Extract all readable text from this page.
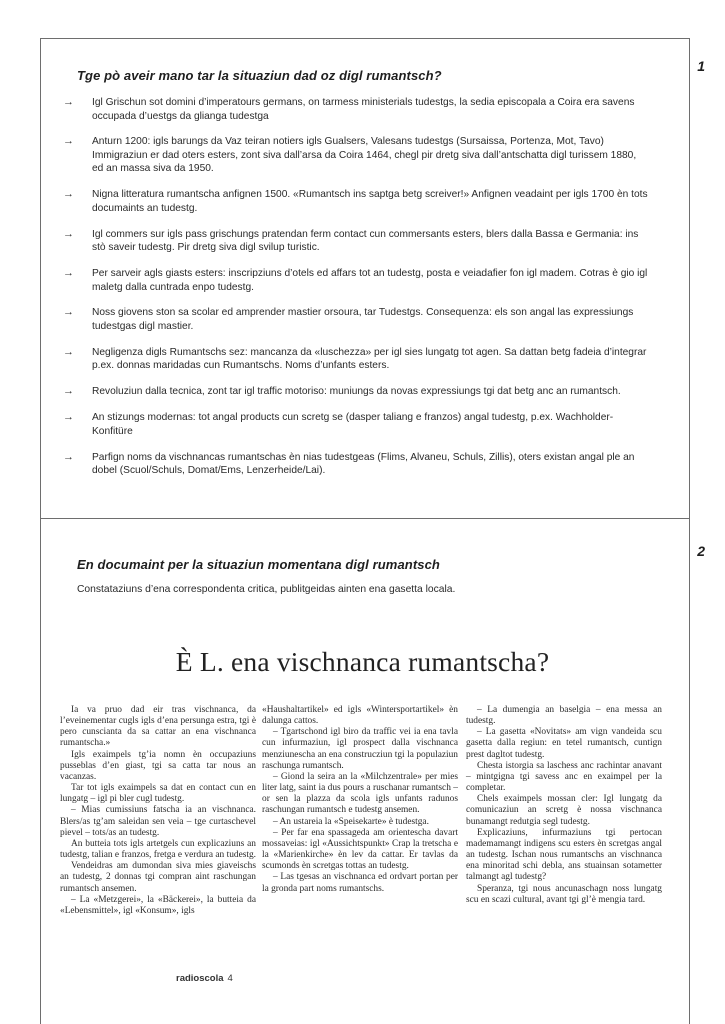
1
Tge pò aveir mano tar la situaziun dad oz digl rumantsch?
→ Igl Grischun sot domini d’imperatours germans, on tarmess ministerials tudestgs, la sedia episcopala a Coira era savens occupada d’uestgs da glianga tudestga
→ Anturn 1200: igls barungs da Vaz teiran notiers igls Gualsers, Valesans tudestgs (Sursaissa, Portenza, Mot, Tavo)
Immigraziun er dad oters esters, zont siva dall’arsa da Coira 1464, chegl pir dretg siva dall’antschatta digl turissem 1880, ed an massa siva da 1950.
→ Nigna litteratura rumantscha anfignen 1500. «Rumantsch ins saptga betg screiver!» Anfignen veadaint per igls 1700 èn tots documaints an tudestg.
→ Igl commers sur igls pass grischungs pratendan ferm contact cun commersants esters, blers dalla Bassa e Germania: ins stò saveir tudestg. Pir dretg siva digl svilup turistic.
→ Per sarveir agls giasts esters: inscripziuns d’otels ed affars tot an tudestg, posta e veiadafier fon igl madem. Cotras è gio igl maletg dalla cuntrada enpo tudestg.
→ Noss giovens ston sa scolar ed amprender mastier orsoura, tar Tudestgs. Consequenza: els son angal las expressiungs tudestgas digl mastier.
→ Negligenza digls Rumantschs sez: mancanza da «luschezza» per igl sies lungatg tot agen. Sa dattan betg fadeia d’integrar p.ex. donnas maridadas cun Rumantschs. Noms d’unfants esters.
→ Revoluziun dalla tecnica, zont tar igl traffic motoriso: muniungs da novas expressiungs tgi dat betg anc an rumantsch.
→ An stizungs modernas: tot angal products cun scretg se (dasper taliang e franzos) angal tudestg, p.ex. Wachholder-Konfitüre
→ Parfign noms da vischnancas rumantschas èn nias tudestgeas (Flims, Alvaneu, Schuls, Zillis), oters existan angal ple an dobel (Scuol/Schuls, Domat/Ems, Lenzerheide/Lai).
2
En documaint per la situaziun momentana digl rumantsch
Constataziuns d’ena correspondenta critica, publitgeidas ainten ena gasetta locala.
È L. ena vischnanca rumantscha?

Ia va pruo dad eir tras vischnanca, da l’eveinementar cugls igls d’ena persunga estra, tgi è pero cunscianta da sa cattar an ena vischnanca rumantscha.»

Igls exaimpels tg’ia nomn èn occupaziuns pusseblas d’en giast, tgi sa catta tar nous an vacanzas.

Tar tot igls exaimpels sa dat en contact cun en lungatg – igl pi bler cugl tudestg.

– Mias cumissiuns fatscha ia an vischnanca. Blers/as tg’am saleidan sen veia – tge curtaschevel pievel – tots/as an tudestg.

An butteia tots igls artetgels cun explicaziuns an tudestg, talian e franzos, fretga e verdura an tudestg.

Vendeidras am dumondan siva mies giaveischs an tudestg, 2 donnas tgi compran aint raschungan rumantsch ansemen.

– La «Metzgerei», la «Bäckerei», la butteia da «Lebensmittel», igl «Konsum», igls

«Haushaltartikel» ed igls «Wintersportartikel» èn dalunga cattos.

– Tgartschond igl biro da traffic vei ia ena tavla cun infurmaziun, igl prospect dalla vischnanca menziunescha an ena construcziun tgi la populaziun raschunga rumantsch.

– Giond la seira an la «Milchzentrale» per mies liter latg, saint ia dus pours a ruschanar rumantsch – or sen la plazza da scola igls unfants radunos raschungan rumantsch e tudestg ansemen.

– An ustareia la «Speisekarte» è tudestga.

– Per far ena spassageda am orientescha davart mossaveias: igl «Aussichtspunkt» Crap la tretscha e la «Marienkirche» èn lev da cattar. Er tavlas da scumonds èn scretgas tottas an tudestg.

– Las tgesas an vischnanca ed ordvart portan per la gronda part noms rumantschs.

– La dumengia an baselgia – ena messa an tudestg.

– La gasetta «Novitats» am vign vandeida scu gasetta dalla regiun: en tetel rumantsch, cuntign prest dagltot tudestg.

Chesta istorgia sa laschess anc rachintar anavant – mintgigna tgi savess anc en exaimpel per la completar.

Chels exaimpels mossan cler: Igl lungatg da comunicaziun an scretg è nossa vischnanca bunamangt redutgia segl tudestg.

Explicaziuns, infurmaziuns tgi pertocan mademamangt indigens scu esters èn scretgas angal an tudestg. Ischan nous rumantschs an vischnanca ena minoritad schi debla, ans stuainsan sotametter talmangt agl tudestg?

Speranza, tgi nous ancunaschagn noss lungatg scu en scazi cultural, avant tgi gl’è mengia tard.

radioscola 4
